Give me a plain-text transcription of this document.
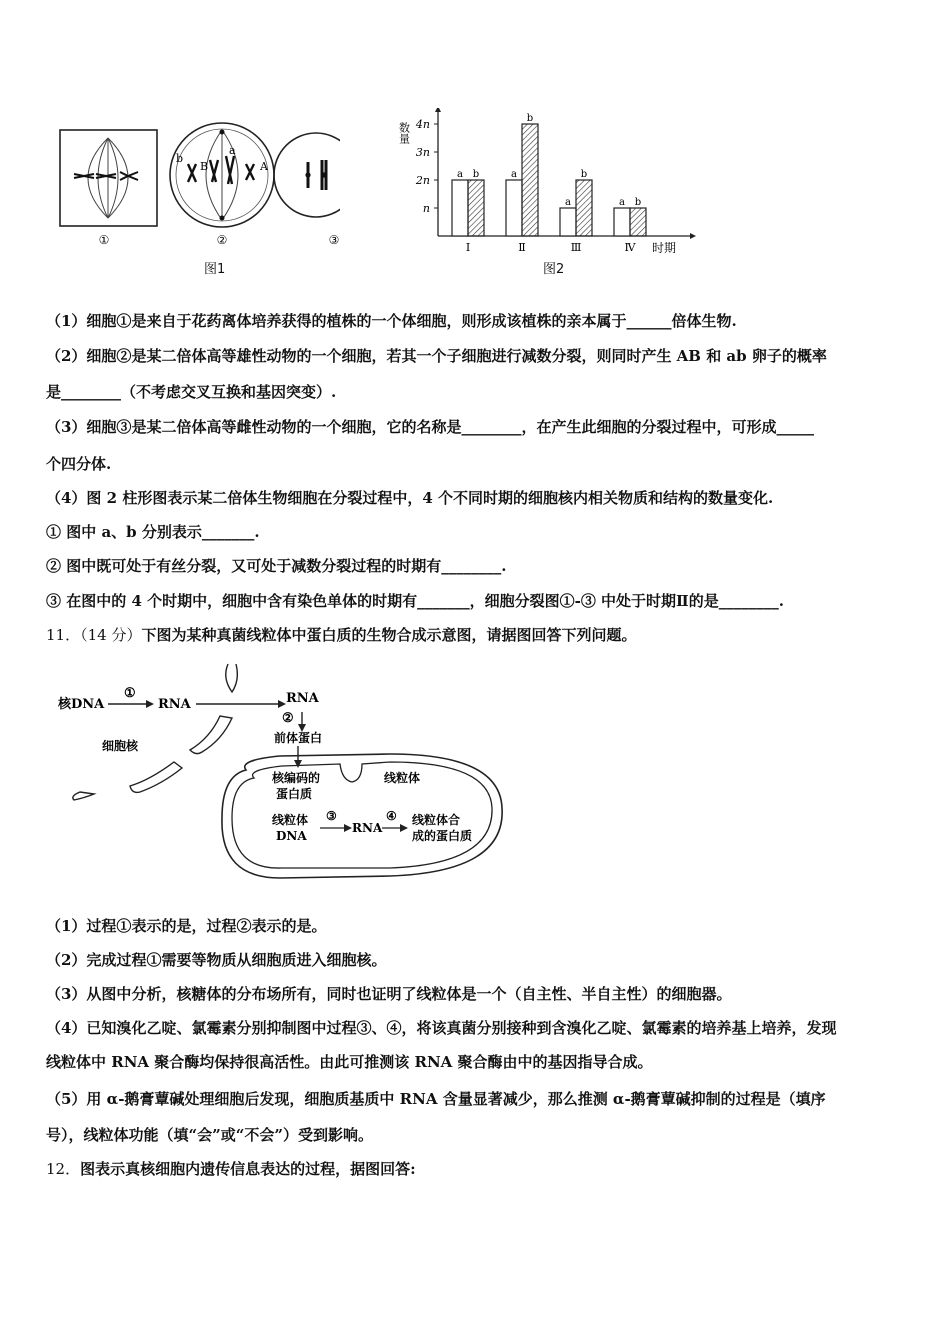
①
b
B
a
A
②	③
图1
数量
时期
n
2n
3n
4n
a b
Ⅰ
a
b
Ⅱ
a
b
Ⅲ
a b
Ⅳ
图2
（1）细胞①是来自于花药离体培养获得的植株的一个体细胞，则形成该植株的亲本属于______倍体生物.
（2）细胞②是某二倍体高等雄性动物的一个细胞，若其一个子细胞进行减数分裂，则同时产生 AB 和 ab 卵子的概率
是________（不考虑交叉互换和基因突变）.
（3）细胞③是某二倍体高等雌性动物的一个细胞，它的名称是________，在产生此细胞的分裂过程中，可形成_____
个四分体.
（4）图 2 柱形图表示某二倍体生物细胞在分裂过程中，4 个不同时期的细胞核内相关物质和结构的数量变化.
① 图中 a、b 分别表示_______.
② 图中既可处于有丝分裂，又可处于减数分裂过程的时期有________.
③ 在图中的 4 个时期中，细胞中含有染色单体的时期有_______，细胞分裂图①-③ 中处于时期Ⅱ的是________.
11．（14 分）下图为某种真菌线粒体中蛋白质的生物合成示意图，请据图回答下列问题。
核DNA
①
RNA	RNA
细胞核
②
前体蛋白
核编码的
蛋白质
线粒体
线粒体
DNA
③
RNA
④ 线粒体合
成的蛋白质
（1）过程①表示的是，过程②表示的是。
（2）完成过程①需要等物质从细胞质进入细胞核。
（3）从图中分析，核糖体的分布场所有，同时也证明了线粒体是一个（自主性、半自主性）的细胞器。
（4）已知溴化乙啶、氯霉素分别抑制图中过程③、④，将该真菌分别接种到含溴化乙啶、氯霉素的培养基上培养，发现
线粒体中 RNA 聚合酶均保持很高活性。由此可推测该 RNA 聚合酶由中的基因指导合成。
（5）用 α-鹅膏蕈碱处理细胞后发现，细胞质基质中 RNA 含量显著减少，那么推测 α-鹅膏蕈碱抑制的过程是（填序
号），线粒体功能（填“会”或“不会”）受到影响。
12．图表示真核细胞内遗传信息表达的过程，据图回答:
